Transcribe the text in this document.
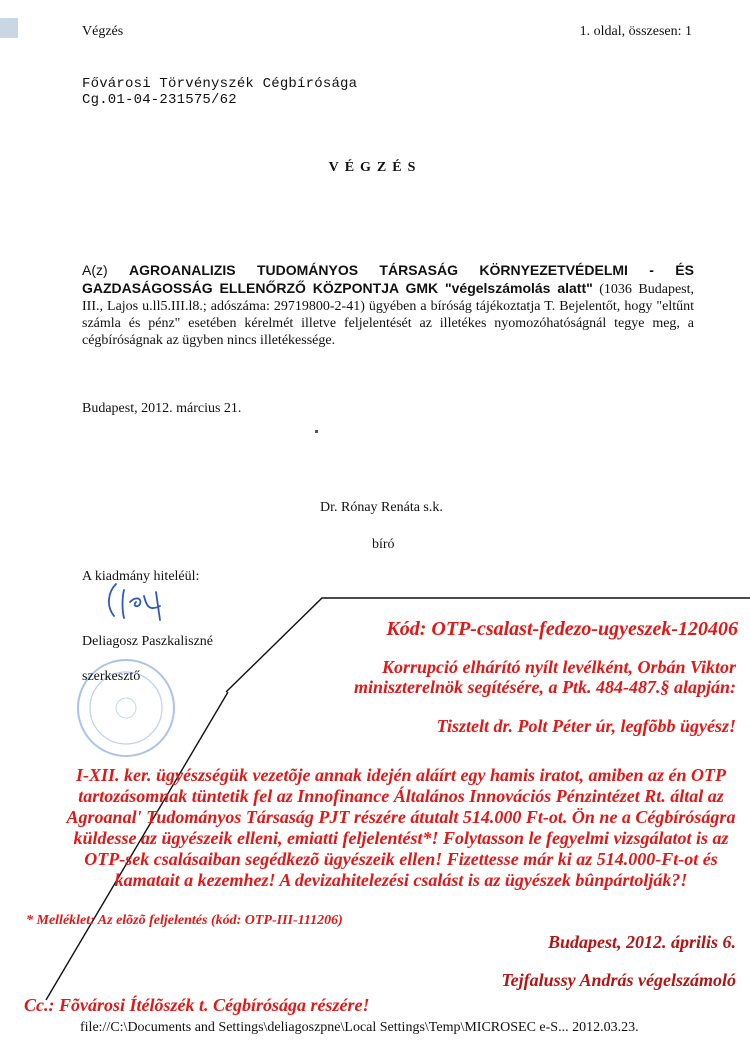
Végzés	1. oldal, összesen: 1
Fővárosi Törvényszék Cégbírósága
Cg.01-04-231575/62
VÉGZÉS
A(z) AGROANALIZIS TUDOMÁNYOS TÁRSASÁG KÖRNYEZETVÉDELMI - ÉS GAZDASÁGOSSÁG ELLENŐRZŐ KÖZPONTJA GMK "végelszámolás alatt" (1036 Budapest, III., Lajos u.ll5.III.l8.; adószáma: 29719800-2-41) ügyében a bíróság tájékoztatja T. Bejelentőt, hogy "eltűnt számla és pénz" esetében kérelmét illetve feljelentését az illetékes nyomozóhatóságnál tegye meg, a cégbíróságnak az ügyben nincs illetékessége.
Budapest, 2012. március 21.
Dr. Rónay Renáta s.k.
bíró
A kiadmány hiteléül:
Deliagosz Paszkaliszné
szerkesztő
Kód: OTP-csalast-fedezo-ugyeszek-120406
Korrupció elhárító nyílt levélként, Orbán Viktor
miniszterelnök segítésére, a Ptk. 484-487.§ alapján:
Tisztelt dr. Polt Péter úr, legfõbb ügyész!
I-XII. ker. ügyészségük vezetõje annak idején aláírt egy hamis iratot, amiben az én OTP tartozásomnak tüntetik fel az Innofinance Általános Innovációs Pénzintézet Rt. által az Agroanal' Tudományos Társaság PJT részére átutalt 514.000 Ft-ot. Ön ne a Cégbíróságra küldesse az ügyészeik elleni, emiatti feljelentést*! Folytasson le fegyelmi vizsgálatot is az OTP-sek csalásaiban segédkezõ ügyészeik ellen! Fizettesse már ki az 514.000-Ft-ot és kamatait a kezemhez! A devizahitelezési csalást is az ügyészek bûnpártolják?!
* Melléklet: Az elõzõ feljelentés (kód: OTP-III-111206)
Budapest, 2012. április 6.
Tejfalussy András végelszámoló
Cc.: Fõvárosi Ítélõszék t. Cégbírósága részére!
file://C:\Documents and Settings\deliagoszpne\Local Settings\Temp\MICROSEC e-S... 2012.03.23.
